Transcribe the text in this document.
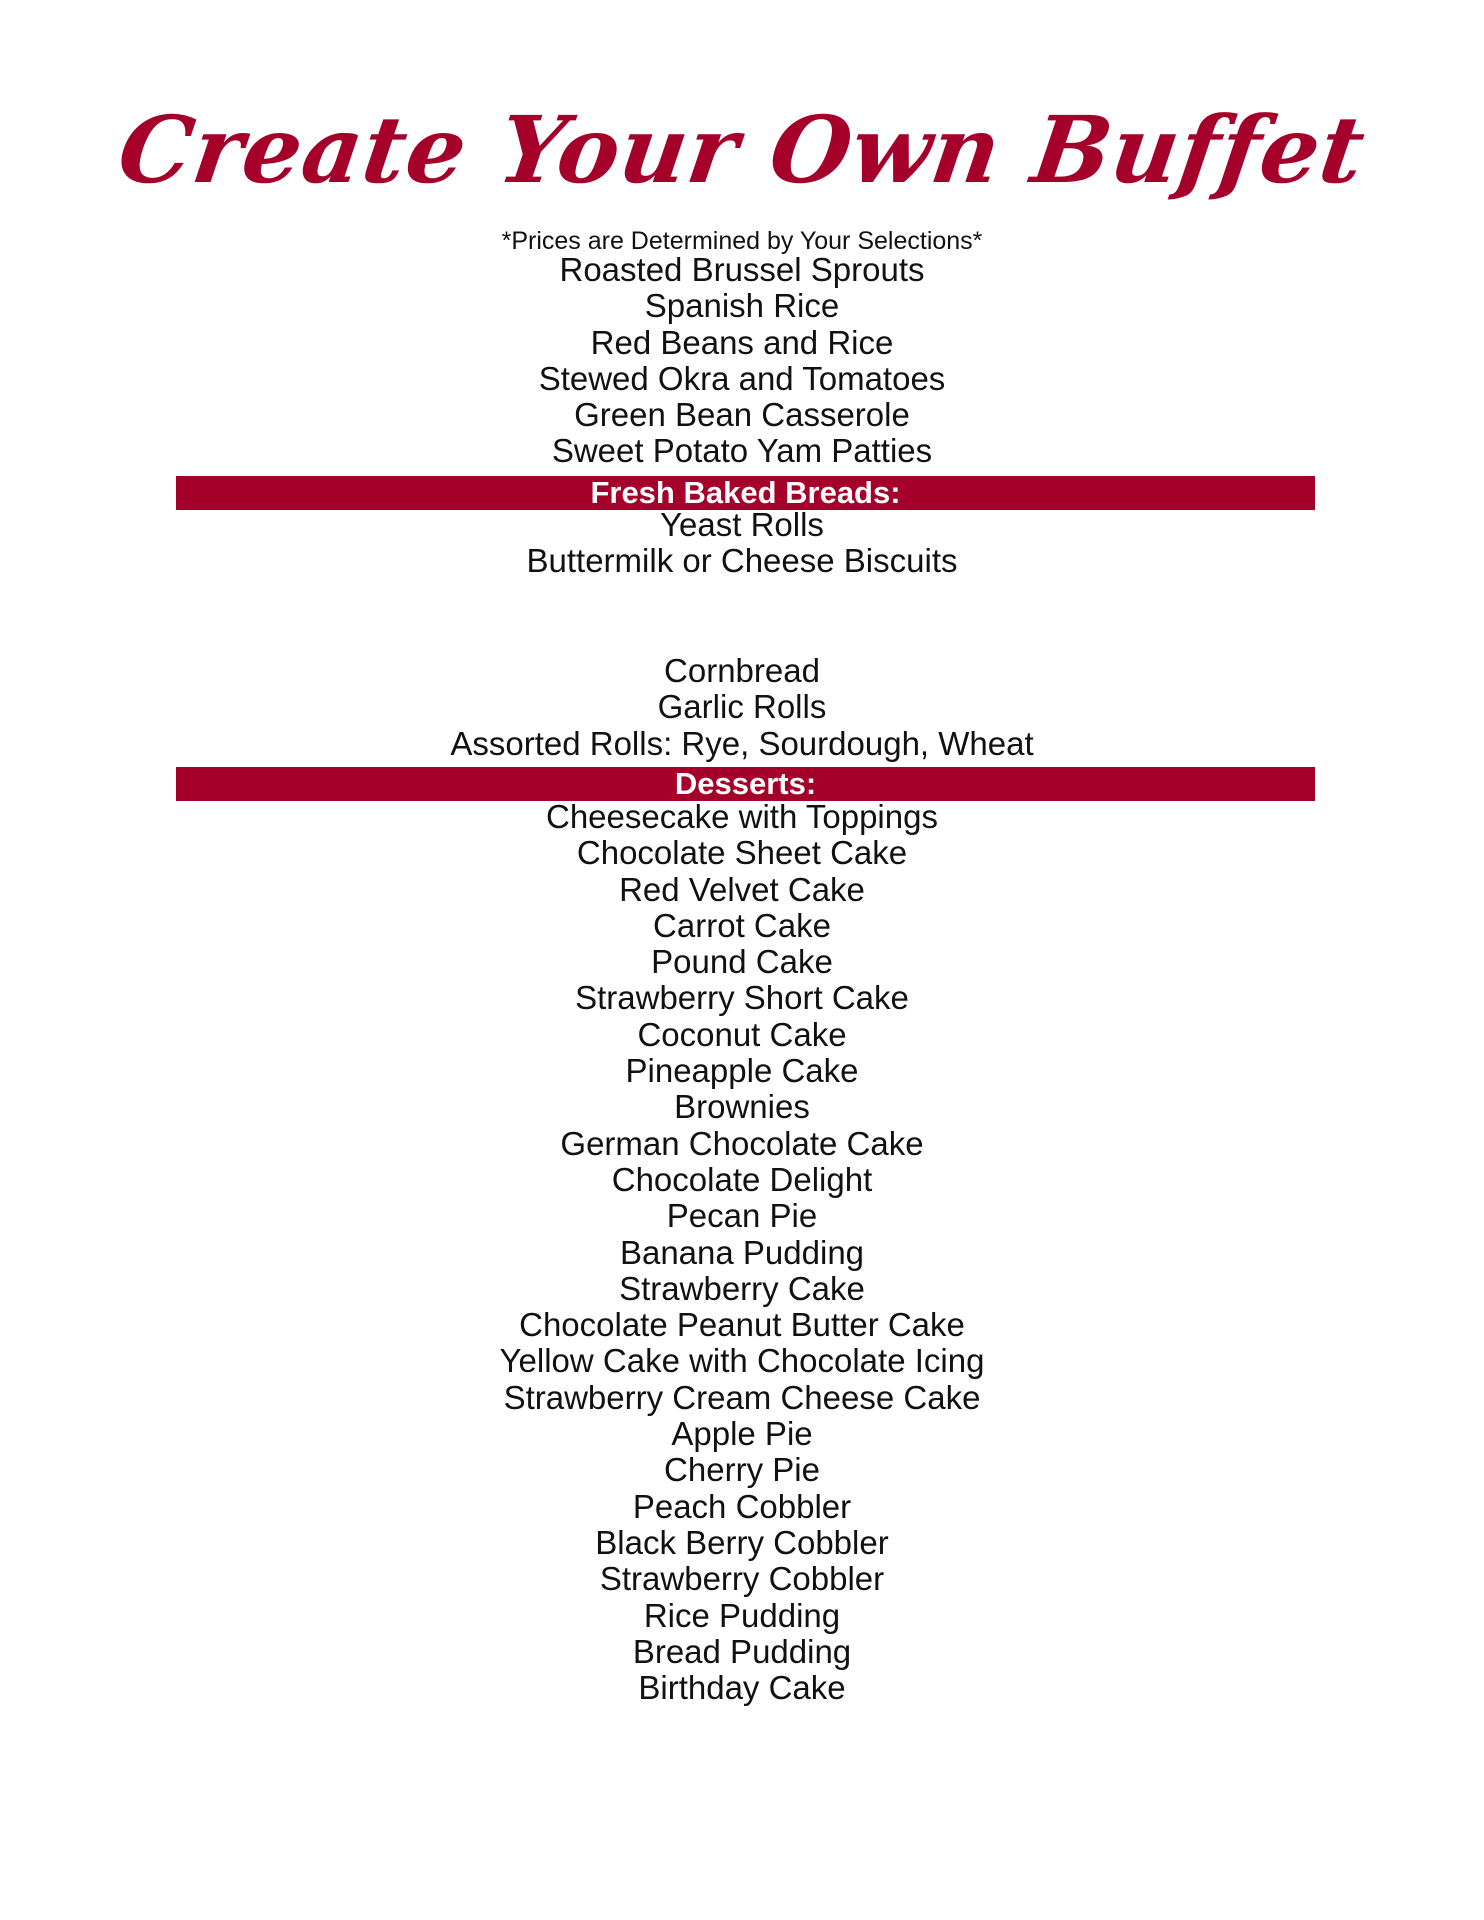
Create Your Own Buffet
*Prices are Determined by Your Selections*
Roasted Brussel Sprouts
Spanish Rice
Red Beans and Rice
Stewed Okra and Tomatoes
Green Bean Casserole
Sweet Potato Yam Patties
Fresh Baked Breads:
Yeast Rolls
Buttermilk or Cheese Biscuits
Cornbread
Garlic Rolls
Assorted Rolls: Rye, Sourdough, Wheat
Desserts:
Cheesecake with Toppings
Chocolate Sheet Cake
Red Velvet Cake
Carrot Cake
Pound Cake
Strawberry Short Cake
Coconut Cake
Pineapple Cake
Brownies
German Chocolate Cake
Chocolate Delight
Pecan Pie
Banana Pudding
Strawberry Cake
Chocolate Peanut Butter Cake
Yellow Cake with Chocolate Icing
Strawberry Cream Cheese Cake
Apple Pie
Cherry Pie
Peach Cobbler
Black Berry Cobbler
Strawberry Cobbler
Rice Pudding
Bread Pudding
Birthday Cake
